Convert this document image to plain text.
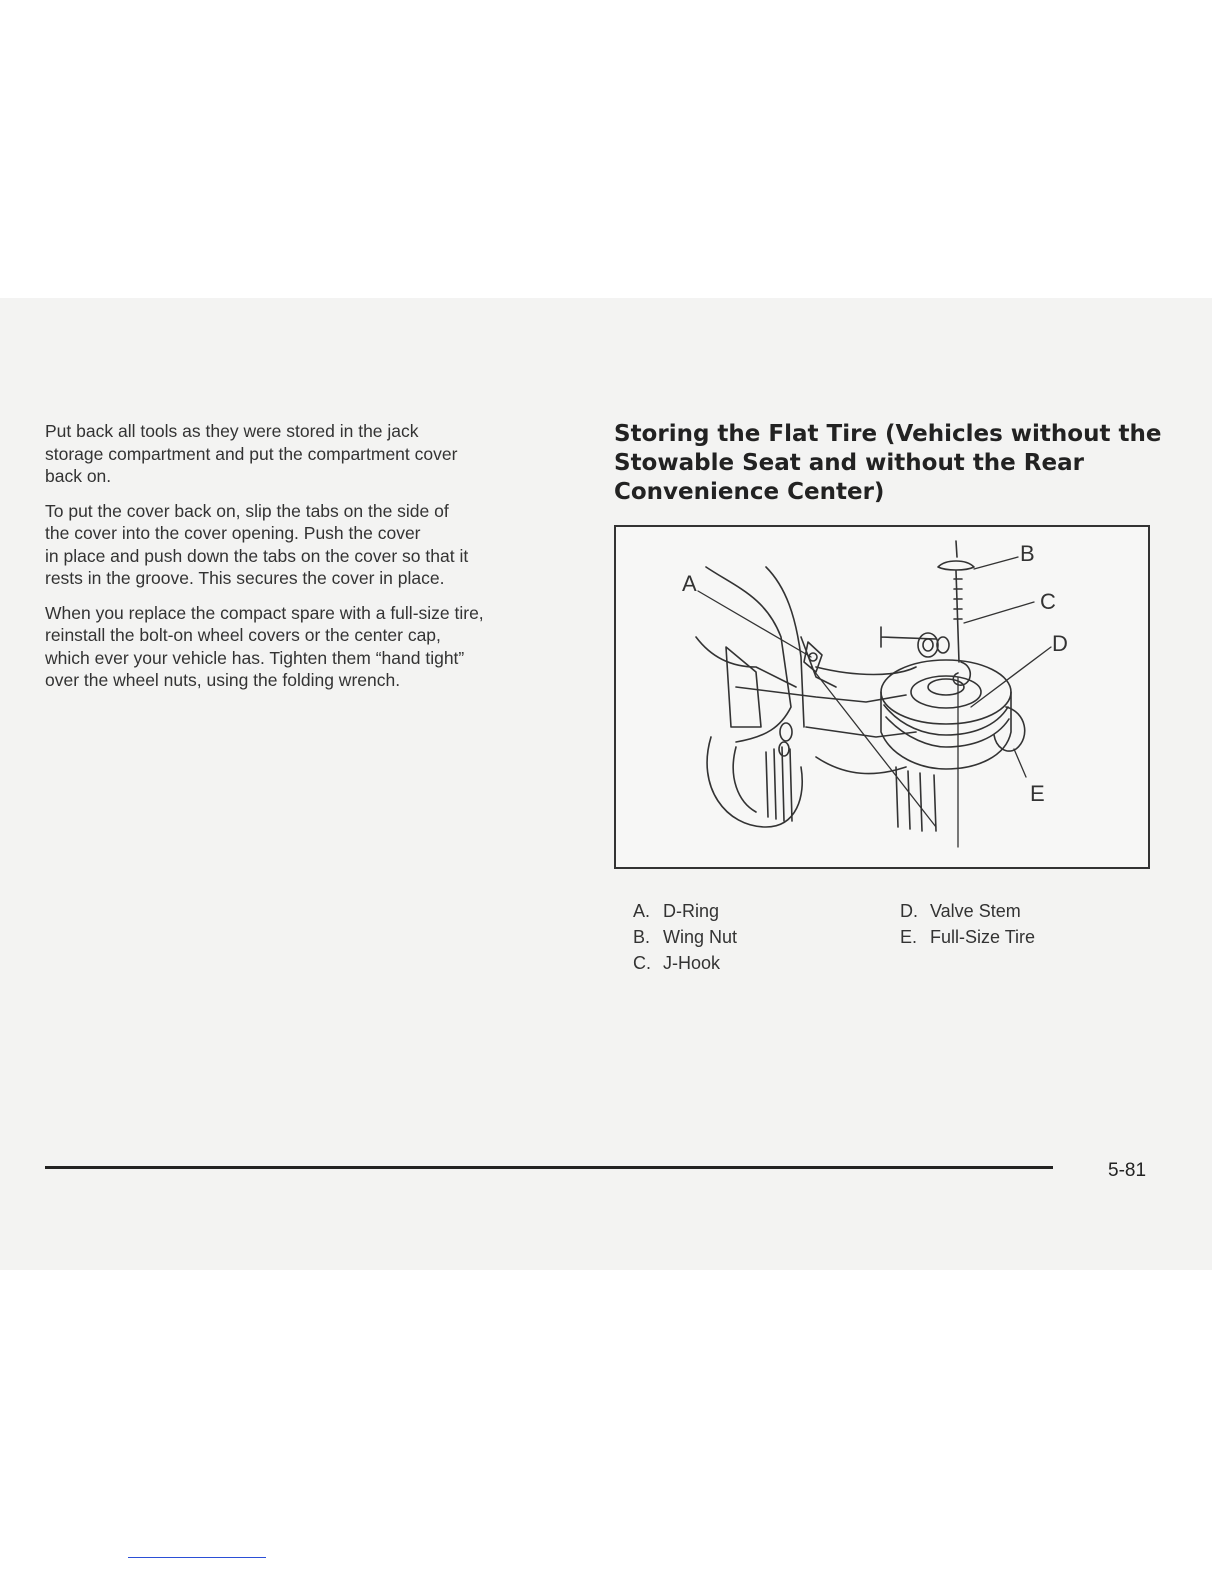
Put back all tools as they were stored in the jack
storage compartment and put the compartment cover
back on.

To put the cover back on, slip the tabs on the side of
the cover into the cover opening. Push the cover
in place and push down the tabs on the cover so that it
rests in the groove. This secures the cover in place.

When you replace the compact spare with a full-size tire,
reinstall the bolt-on wheel covers or the center cap,
which ever your vehicle has. Tighten them “hand tight”
over the wheel nuts, using the folding wrench.

Storing the Flat Tire (Vehicles without the
Stowable Seat and without the Rear
Convenience Center)
A
B
C
D
E
A. D-Ring
B. Wing Nut
C. J-Hook
D. Valve Stem
E. Full-Size Tire
5-81
